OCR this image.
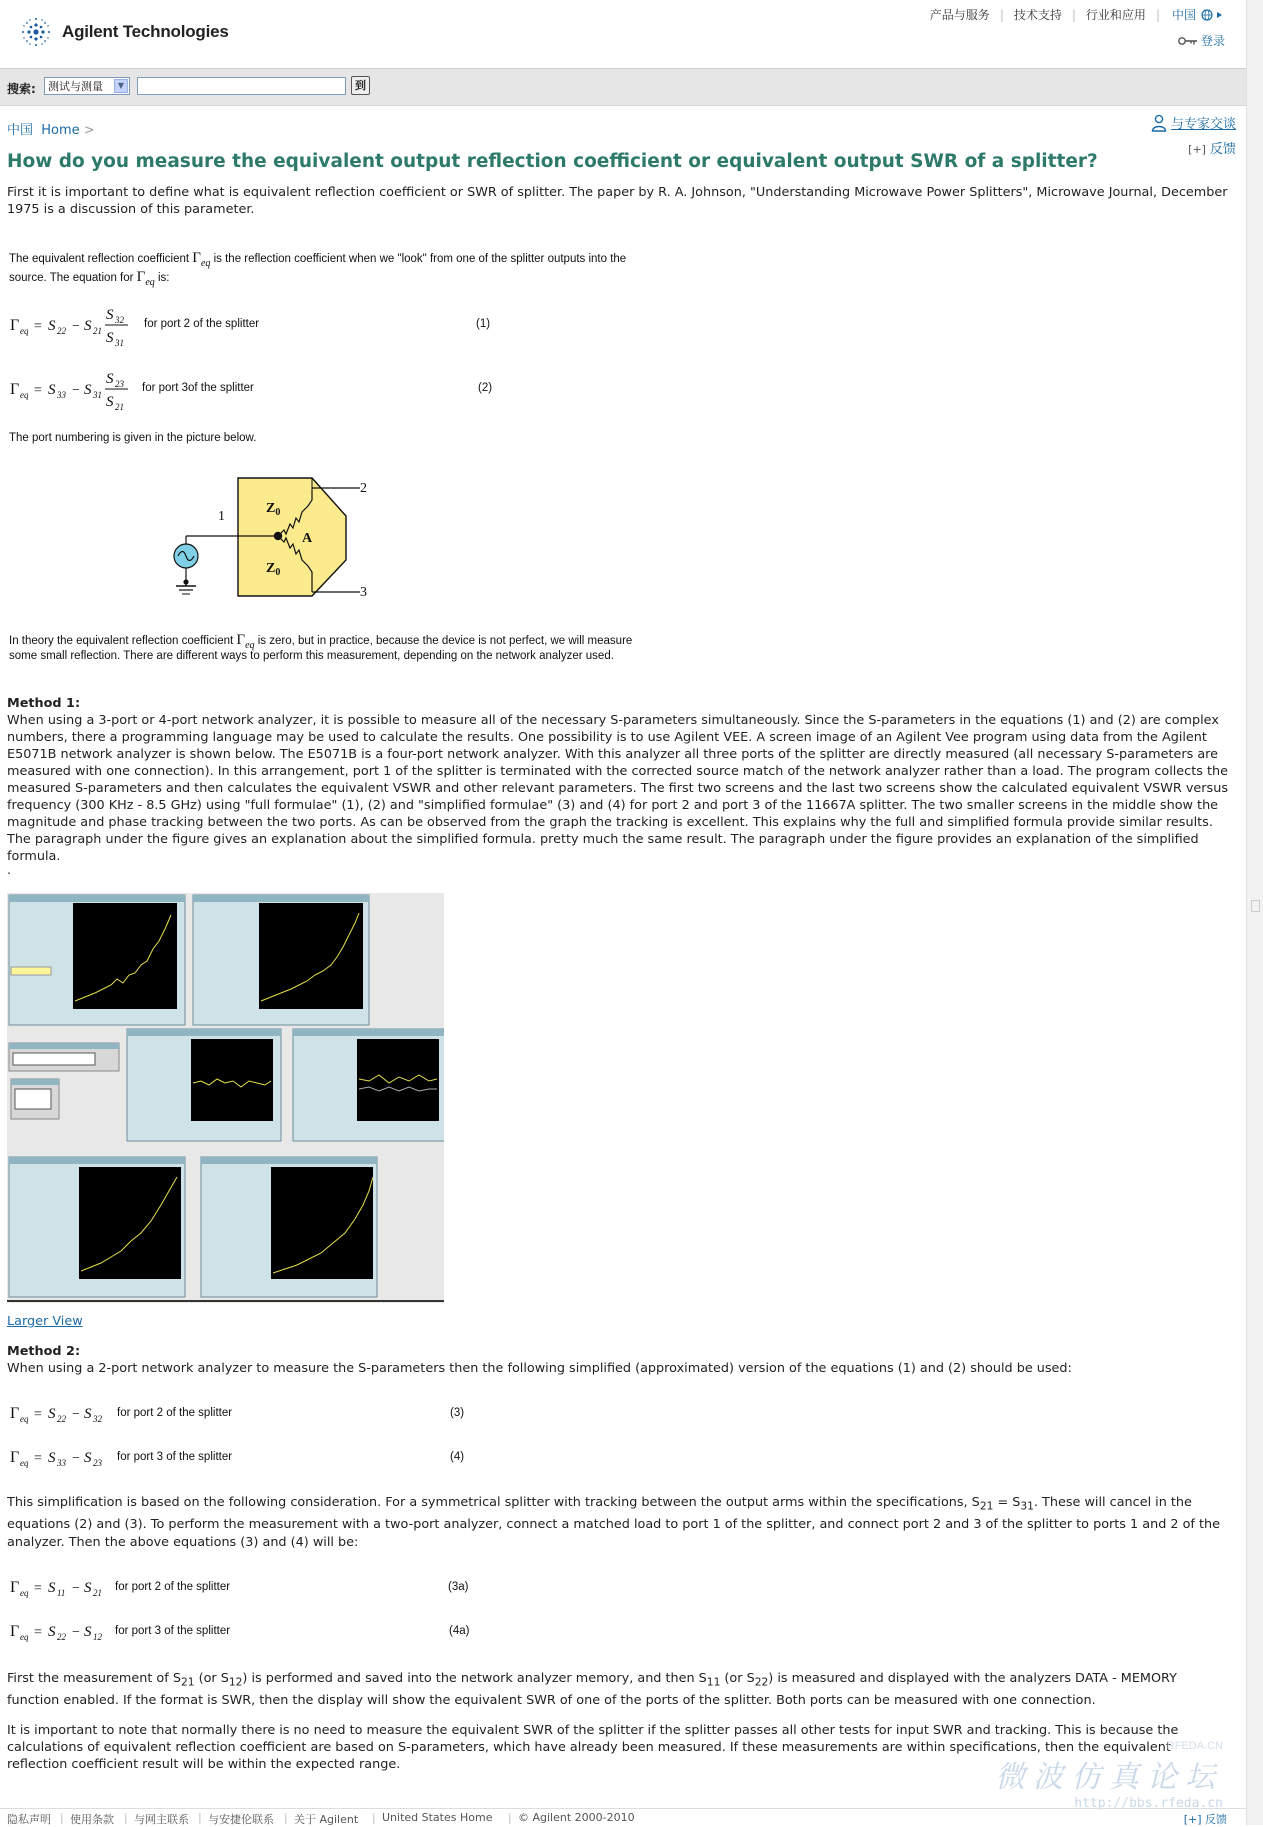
Agilent Technologies
产品与服务 | 技术支持 | 行业和应用 | 中国
登录
搜索:	测试与测量	▼	到
中国 Home >	与专家交谈
[+] 反馈
How do you measure the equivalent output reflection coefficient or equivalent output SWR of a splitter?
First it is important to define what is equivalent reflection coefficient or SWR of splitter. The paper by R. A. Johnson, "Understanding Microwave Power Splitters", Microwave Journal, December 1975 is a discussion of this parameter.
The equivalent reflection coefficient $\Gamma_{eq}$ is the reflection coefficient when we "look" from one of the splitter outputs into the
source. The equation for $\Gamma_{eq}$ is:
Γ eq = S 22 − S 21
S 32
S 31
for port 2 of the splitter	(1)
Γ eq = S 33 − S 31
S 23
S 21
for port 3of the splitter	(2)
The port numbering is given in the picture below.
$Z_0$
$Z_0$
A
1
2
3
In theory the equivalent reflection coefficient $\Gamma_{eq}$ is zero, but in practice, because the device is not perfect, we will measure
some small reflection. There are different ways to perform this measurement, depending on the network analyzer used.
Method 1:
When using a 3-port or 4-port network analyzer, it is possible to measure all of the necessary S-parameters simultaneously. Since the S-parameters in the equations (1) and (2) are complex numbers, there a programming language may be used to calculate the results. One possibility is to use Agilent VEE. A screen image of an Agilent Vee program using data from the Agilent E5071B network analyzer is shown below. The E5071B is a four-port network analyzer. With this analyzer all three ports of the splitter are directly measured (all necessary S-parameters are measured with one connection). In this arrangement, port 1 of the splitter is terminated with the corrected source match of the network analyzer rather than a load. The program collects the measured S-parameters and then calculates the equivalent VSWR and other relevant parameters. The first two screens and the last two screens show the calculated equivalent VSWR versus frequency (300 KHz - 8.5 GHz) using "full formulae" (1), (2) and "simplified formulae" (3) and (4) for port 2 and port 3 of the 11667A splitter. The two smaller screens in the middle show the magnitude and phase tracking between the two ports. As can be observed from the graph the tracking is excellent. This explains why the full and simplified formula provide similar results. The paragraph under the figure gives an explanation about the simplified formula. pretty much the same result. The paragraph under the figure provides an explanation of the simplified formula.
.
Larger View
Method 2:
When using a 2-port network analyzer to measure the S-parameters then the following simplified (approximated) version of the equations (1) and (2) should be used:
Γ eq = S 22 − S 32 for port 2 of the splitter	(3)
Γ eq = S 33 − S 23 for port 3 of the splitter	(4)
This simplification is based on the following consideration. For a symmetrical splitter with tracking between the output arms within the specifications, $S_{21} = S_{31}$. These will cancel in the equations (2) and (3). To perform the measurement with a two-port analyzer, connect a matched load to port 1 of the splitter, and connect port 2 and 3 of the splitter to ports 1 and 2 of the analyzer. Then the above equations (3) and (4) will be:
Γ eq = S 11 − S 21 for port 2 of the splitter	(3a)
Γ eq = S 22 − S 12 for port 3 of the splitter	(4a)
First the measurement of $S_{21}$ (or $S_{12}$) is performed and saved into the network analyzer memory, and then $S_{11}$ (or $S_{22}$) is measured and displayed with the analyzers DATA - MEMORY function enabled. If the format is SWR, then the display will show the equivalent SWR of one of the ports of the splitter. Both ports can be measured with one connection.
It is important to note that normally there is no need to measure the equivalent SWR of the splitter if the splitter passes all other tests for input SWR and tracking. This is because the calculations of equivalent reflection coefficient are based on S-parameters, which have already been measured. If these measurements are within specifications, then the equivalent reflection coefficient result will be within the expected range.
RFEDA.CN
微波仿真论坛
http://bbs.rfeda.cn
隐私声明 | 使用条款 | 与网主联系 | 与安捷伦联系 | 关于 Agilent | United States Home | © Agilent 2000-2010	[+] 反馈
